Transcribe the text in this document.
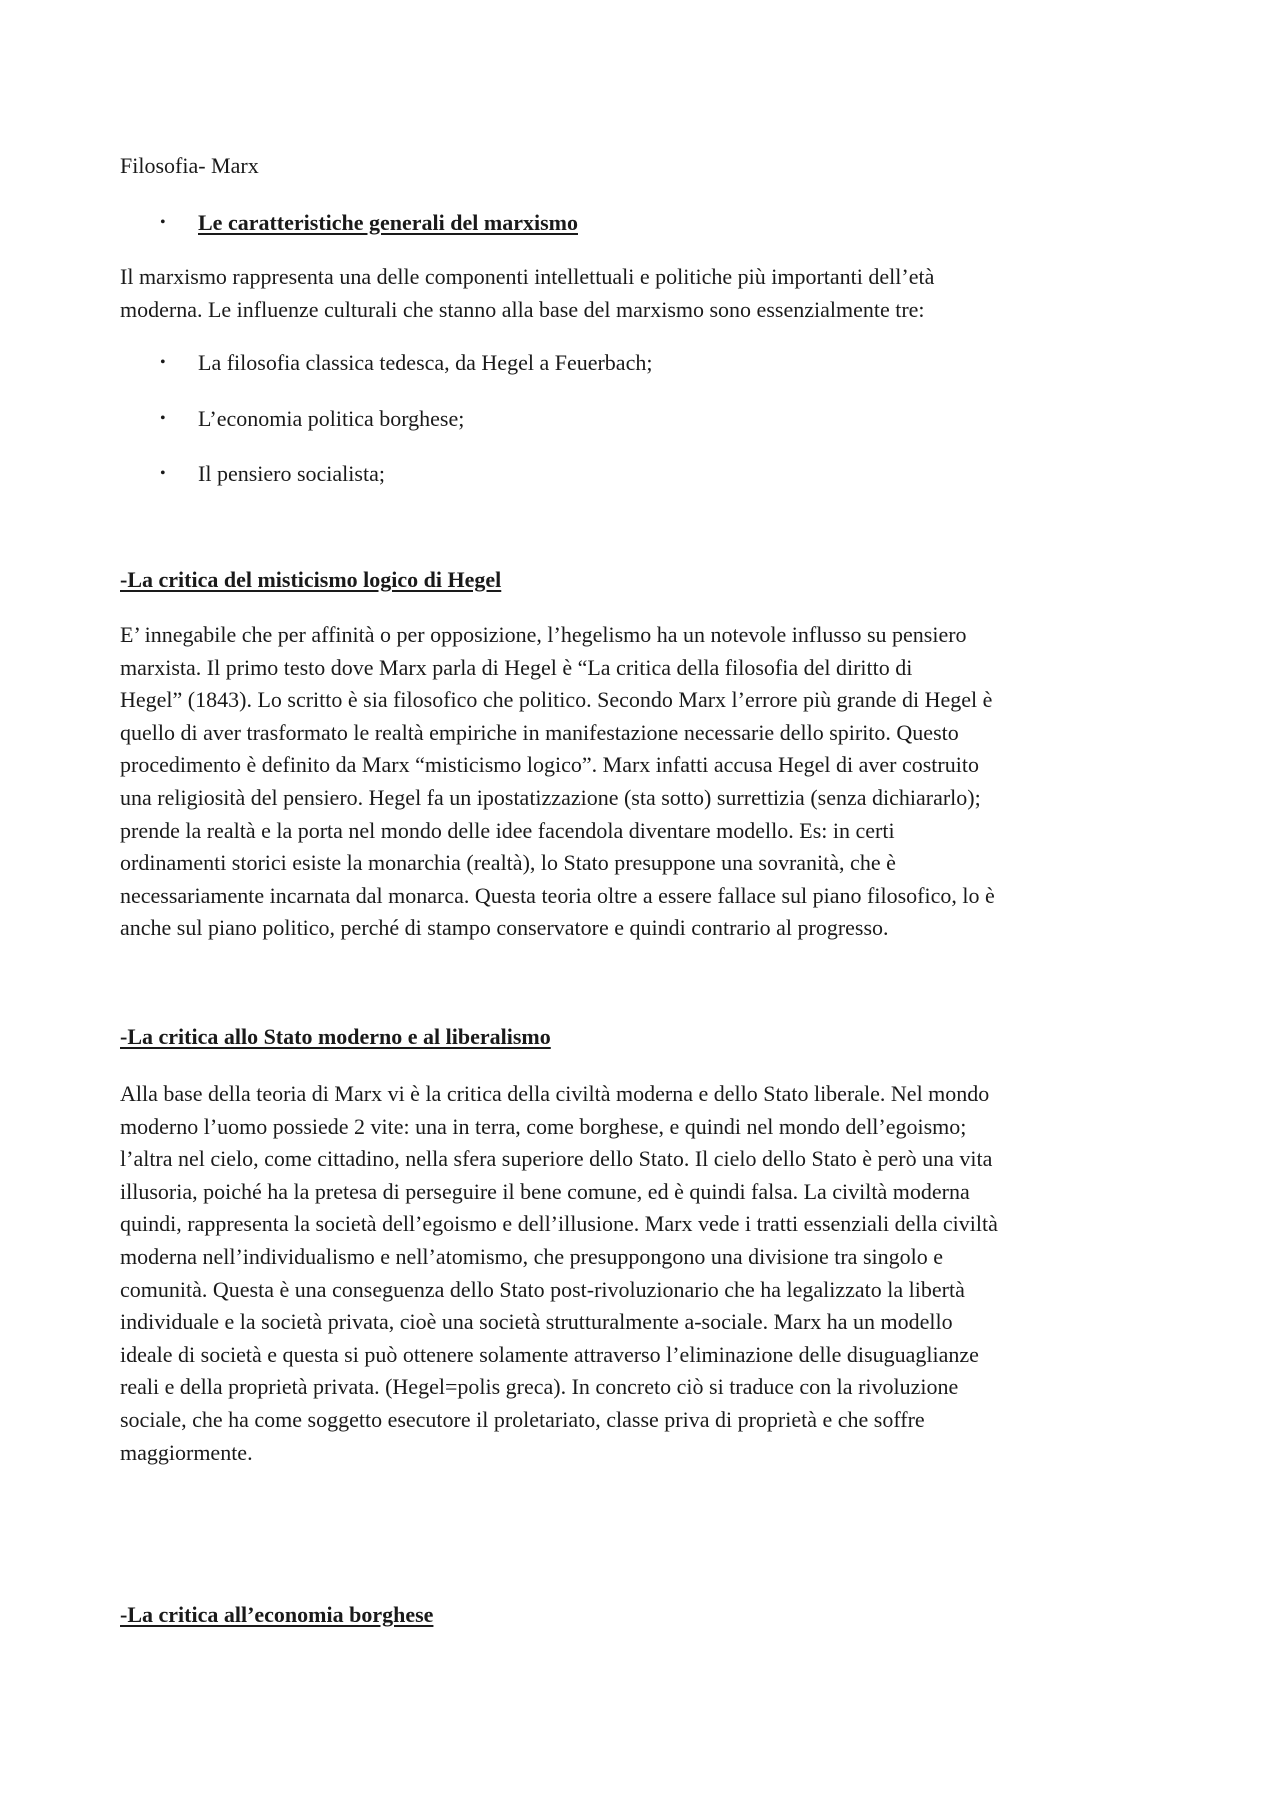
Filosofia- Marx

• Le caratteristiche generali del marxismo

Il marxismo rappresenta una delle componenti intellettuali e politiche più importanti dell’età
moderna. Le influenze culturali che stanno alla base del marxismo sono essenzialmente tre:

• La filosofia classica tedesca, da Hegel a Feuerbach;

• L’economia politica borghese;

• Il pensiero socialista;

-La critica del misticismo logico di Hegel

E’ innegabile che per affinità o per opposizione, l’hegelismo ha un notevole influsso su pensiero
marxista. Il primo testo dove Marx parla di Hegel è “La critica della filosofia del diritto di
Hegel” (1843). Lo scritto è sia filosofico che politico. Secondo Marx l’errore più grande di Hegel è
quello di aver trasformato le realtà empiriche in manifestazione necessarie dello spirito. Questo
procedimento è definito da Marx “misticismo logico”. Marx infatti accusa Hegel di aver costruito
una religiosità del pensiero. Hegel fa un ipostatizzazione (sta sotto) surrettizia (senza dichiararlo);
prende la realtà e la porta nel mondo delle idee facendola diventare modello. Es: in certi
ordinamenti storici esiste la monarchia (realtà), lo Stato presuppone una sovranità, che è
necessariamente incarnata dal monarca. Questa teoria oltre a essere fallace sul piano filosofico, lo è
anche sul piano politico, perché di stampo conservatore e quindi contrario al progresso.

-La critica allo Stato moderno e al liberalismo

Alla base della teoria di Marx vi è la critica della civiltà moderna e dello Stato liberale. Nel mondo
moderno l’uomo possiede 2 vite: una in terra, come borghese, e quindi nel mondo dell’egoismo;
l’altra nel cielo, come cittadino, nella sfera superiore dello Stato. Il cielo dello Stato è però una vita
illusoria, poiché ha la pretesa di perseguire il bene comune, ed è quindi falsa. La civiltà moderna
quindi, rappresenta la società dell’egoismo e dell’illusione. Marx vede i tratti essenziali della civiltà
moderna nell’individualismo e nell’atomismo, che presuppongono una divisione tra singolo e
comunità. Questa è una conseguenza dello Stato post-rivoluzionario che ha legalizzato la libertà
individuale e la società privata, cioè una società strutturalmente a-sociale. Marx ha un modello
ideale di società e questa si può ottenere solamente attraverso l’eliminazione delle disuguaglianze
reali e della proprietà privata. (Hegel=polis greca). In concreto ciò si traduce con la rivoluzione
sociale, che ha come soggetto esecutore il proletariato, classe priva di proprietà e che soffre
maggiormente.

-La critica all’economia borghese
